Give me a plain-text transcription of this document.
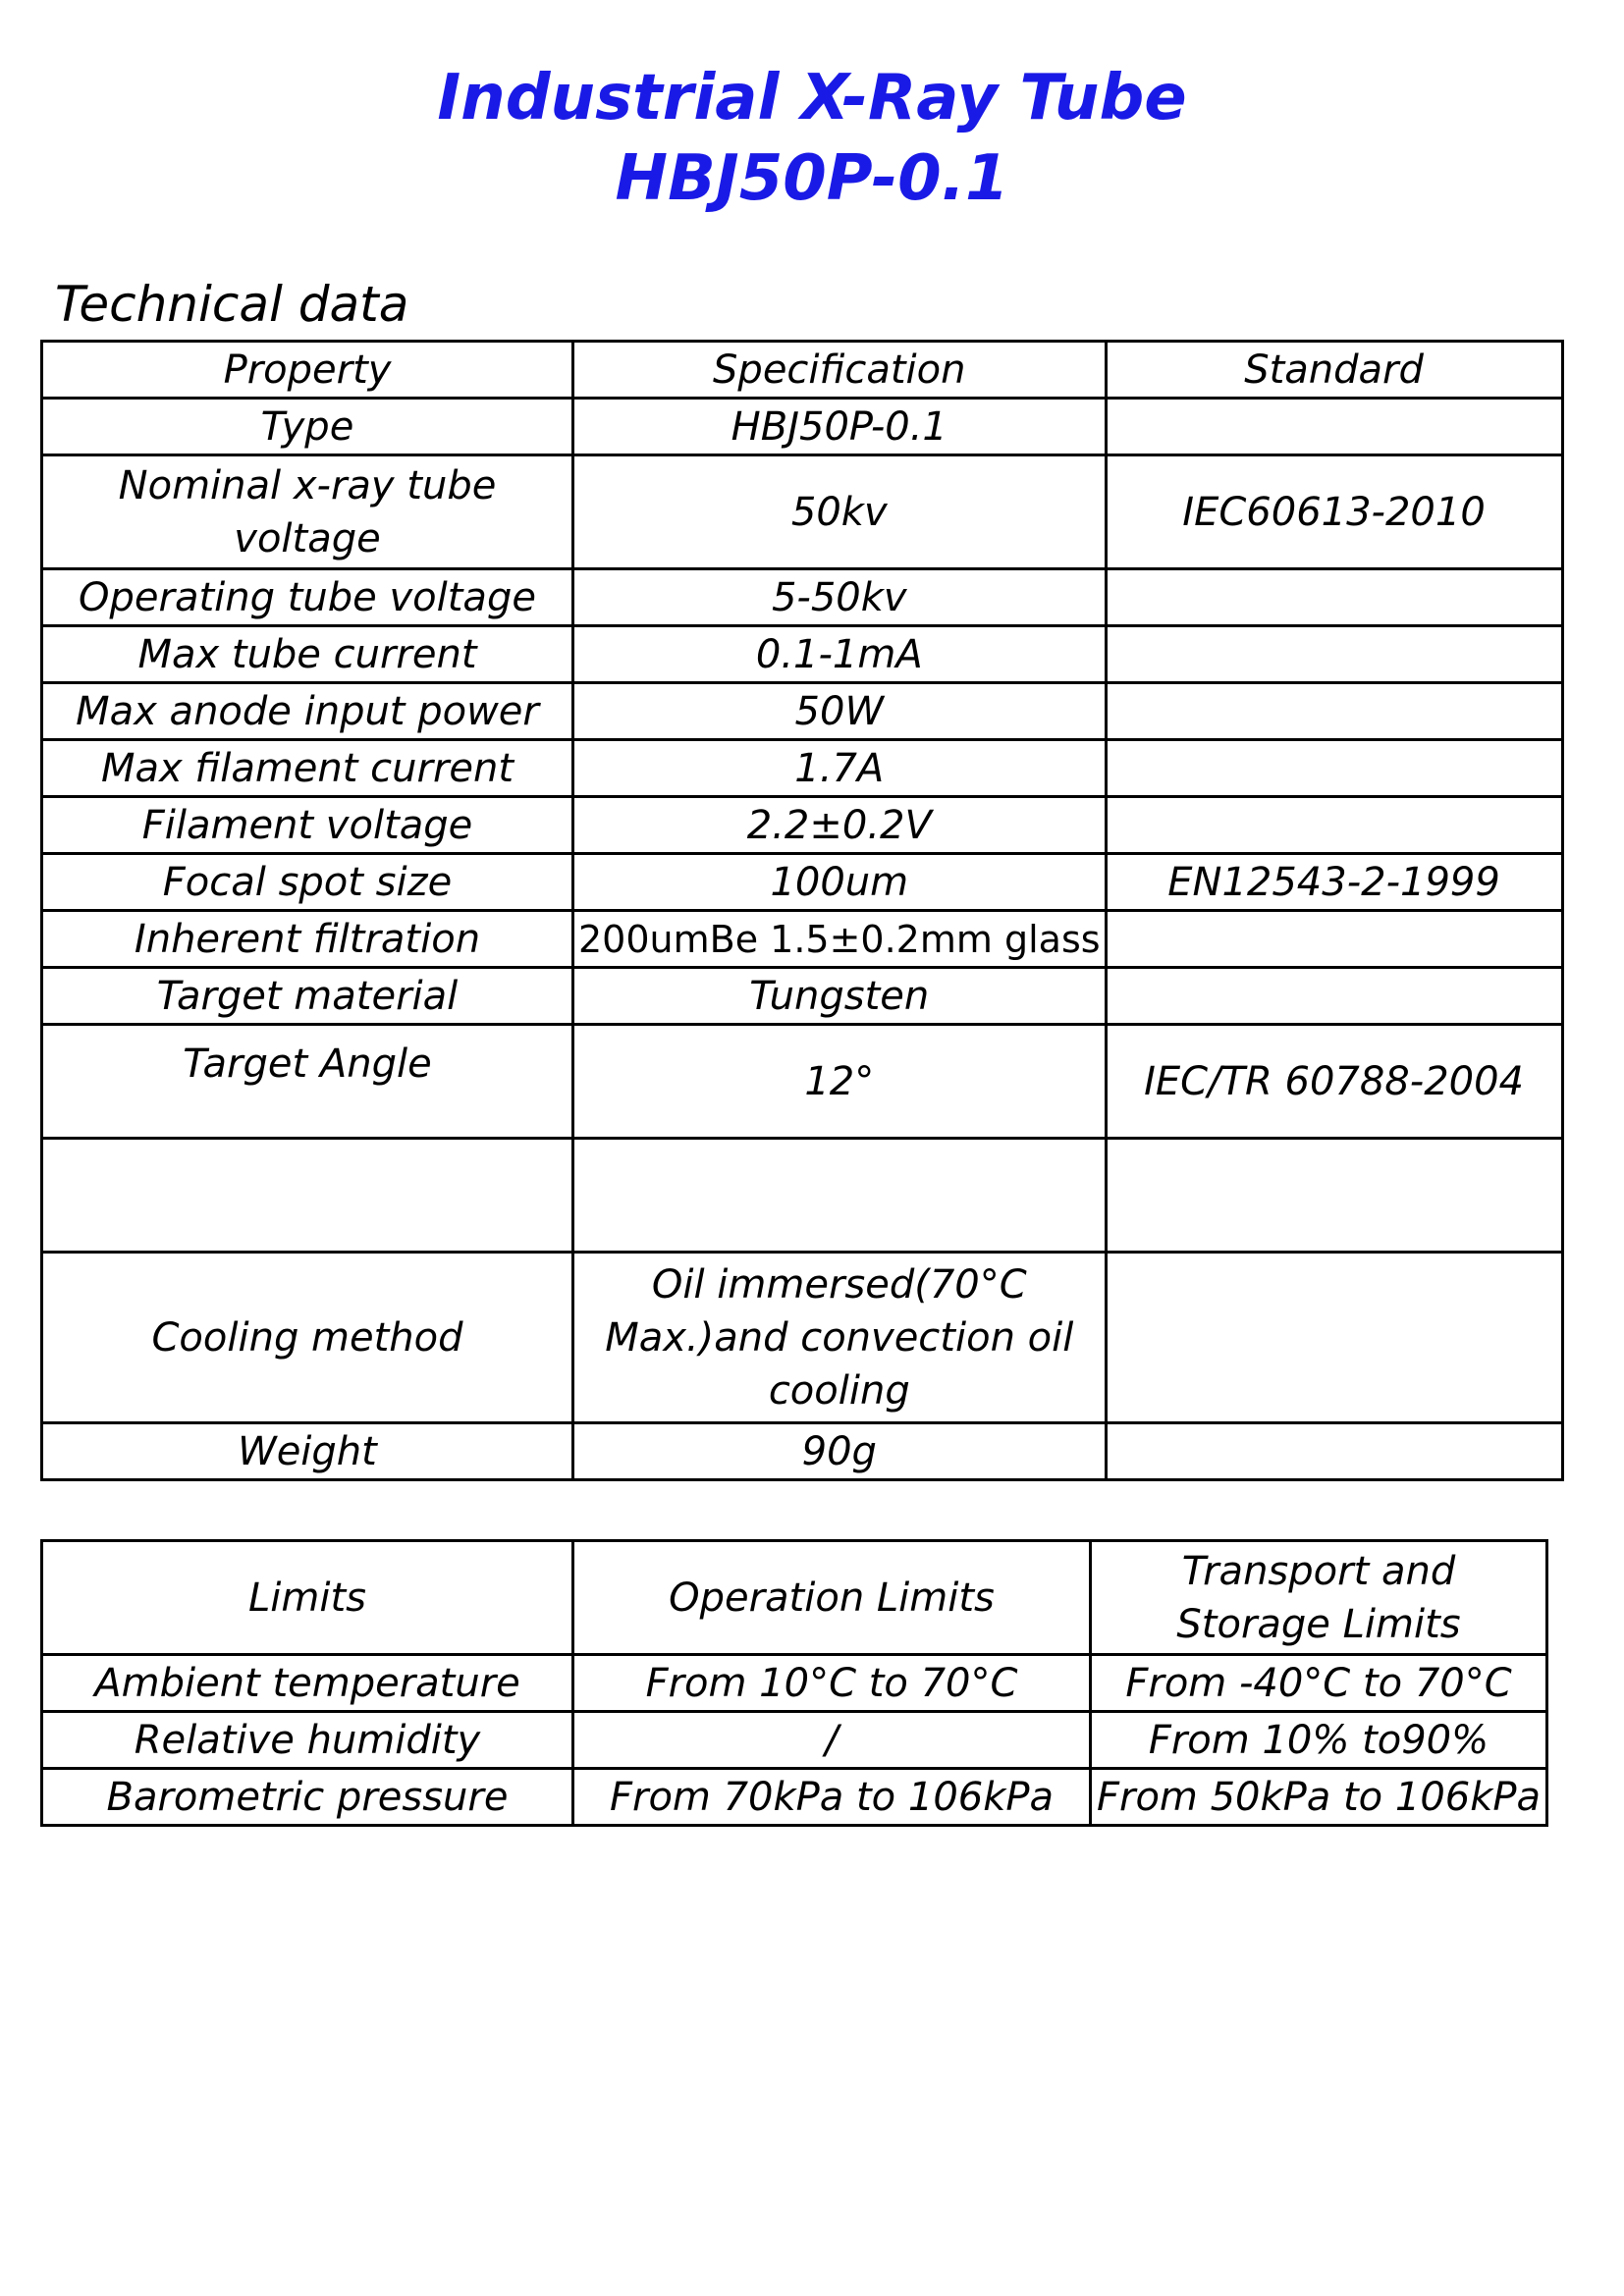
Industrial X-Ray Tube
HBJ50P-0.1
Technical data
Property	Specification	Standard
Type	HBJ50P-0.1	
Nominal x-ray tube voltage	50kv	IEC60613-2010
Operating tube voltage	5-50kv	
Max tube current	0.1-1mA	
Max anode input power	50W	
Max filament current	1.7A	
Filament voltage	2.2±0.2V	
Focal spot size	100um	EN12543-2-1999
Inherent filtration	200umBe 1.5±0.2mm glass	
Target material	Tungsten	
Target Angle	12°	IEC/TR 60788-2004

Cooling method	Oil immersed(70°C Max.)and convection oil cooling	
Weight	90g	
Limits	Operation Limits	Transport and Storage Limits
Ambient temperature	From 10°C to 70°C	From -40°C to 70°C
Relative humidity	/	From 10% to90%
Barometric pressure	From 70kPa to 106kPa	From 50kPa to 106kPa
